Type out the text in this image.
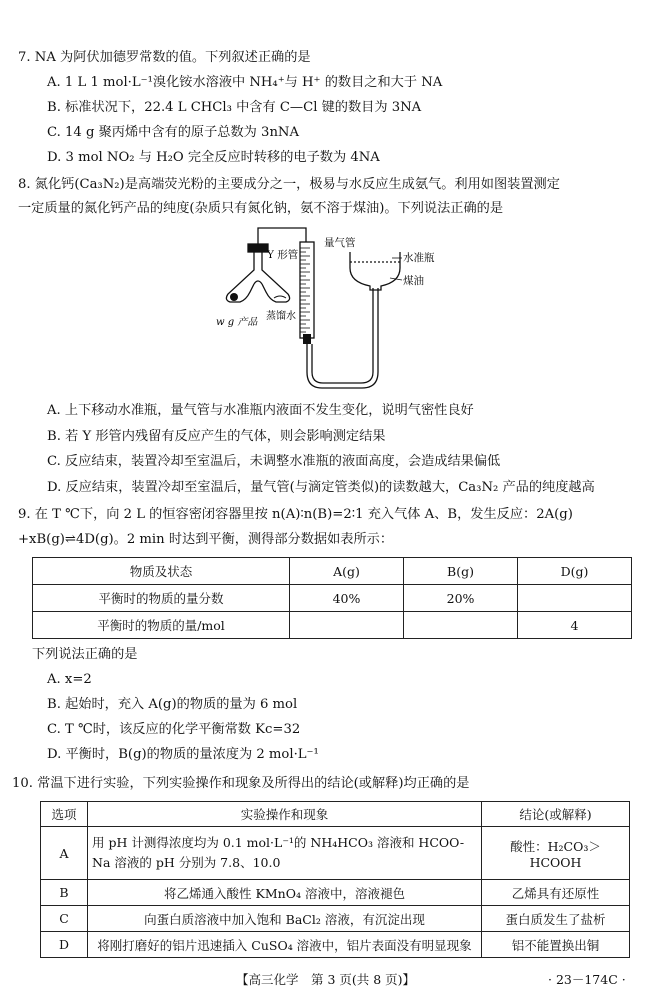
7. NA 为阿伏加德罗常数的值。下列叙述正确的是
A. 1 L 1 mol·L⁻¹溴化铵水溶液中 NH₄⁺与 H⁺ 的数目之和大于 NA
B. 标准状况下，22.4 L CHCl₃ 中含有 C—Cl 键的数目为 3NA
C. 14 g 聚丙烯中含有的原子总数为 3nNA
D. 3 mol NO₂ 与 H₂O 完全反应时转移的电子数为 4NA
8. 氮化钙(Ca₃N₂)是高端荧光粉的主要成分之一，极易与水反应生成氨气。利用如图装置测定
一定质量的氮化钙产品的纯度(杂质只有氮化钠，氨不溶于煤油)。下列说法正确的是
Y 形管
量气管
水准瓶
煤油
w g 产品
蒸馏水
A. 上下移动水准瓶，量气管与水准瓶内液面不发生变化，说明气密性良好
B. 若 Y 形管内残留有反应产生的气体，则会影响测定结果
C. 反应结束，装置冷却至室温后，未调整水准瓶的液面高度，会造成结果偏低
D. 反应结束，装置冷却至室温后，量气管(与滴定管类似)的读数越大，Ca₃N₂ 产品的纯度越高
9. 在 T ℃下，向 2 L 的恒容密闭容器里按 n(A)∶n(B)=2∶1 充入气体 A、B，发生反应：2A(g)
+xB(g)⇌4D(g)。2 min 时达到平衡，测得部分数据如表所示：
物质及状态	A(g)	B(g)	D(g)
平衡时的物质的量分数	40%	20%	
平衡时的物质的量/mol			4
下列说法正确的是
A. x=2
B. 起始时，充入 A(g)的物质的量为 6 mol
C. T ℃时，该反应的化学平衡常数 Kc=32
D. 平衡时，B(g)的物质的量浓度为 2 mol·L⁻¹
10. 常温下进行实验，下列实验操作和现象及所得出的结论(或解释)均正确的是
选项	实验操作和现象	结论(或解释)
A	用 pH 计测得浓度均为 0.1 mol·L⁻¹的 NH₄HCO₃ 溶液和 HCOO-
Na 溶液的 pH 分别为 7.8、10.0	酸性：H₂CO₃＞HCOOH
B	将乙烯通入酸性 KMnO₄ 溶液中，溶液褪色	乙烯具有还原性
C	向蛋白质溶液中加入饱和 BaCl₂ 溶液，有沉淀出现	蛋白质发生了盐析
D	将刚打磨好的铝片迅速插入 CuSO₄ 溶液中，铝片表面没有明显现象	铝不能置换出铜
【高三化学　第 3 页(共 8 页)】	· 23－174C ·
